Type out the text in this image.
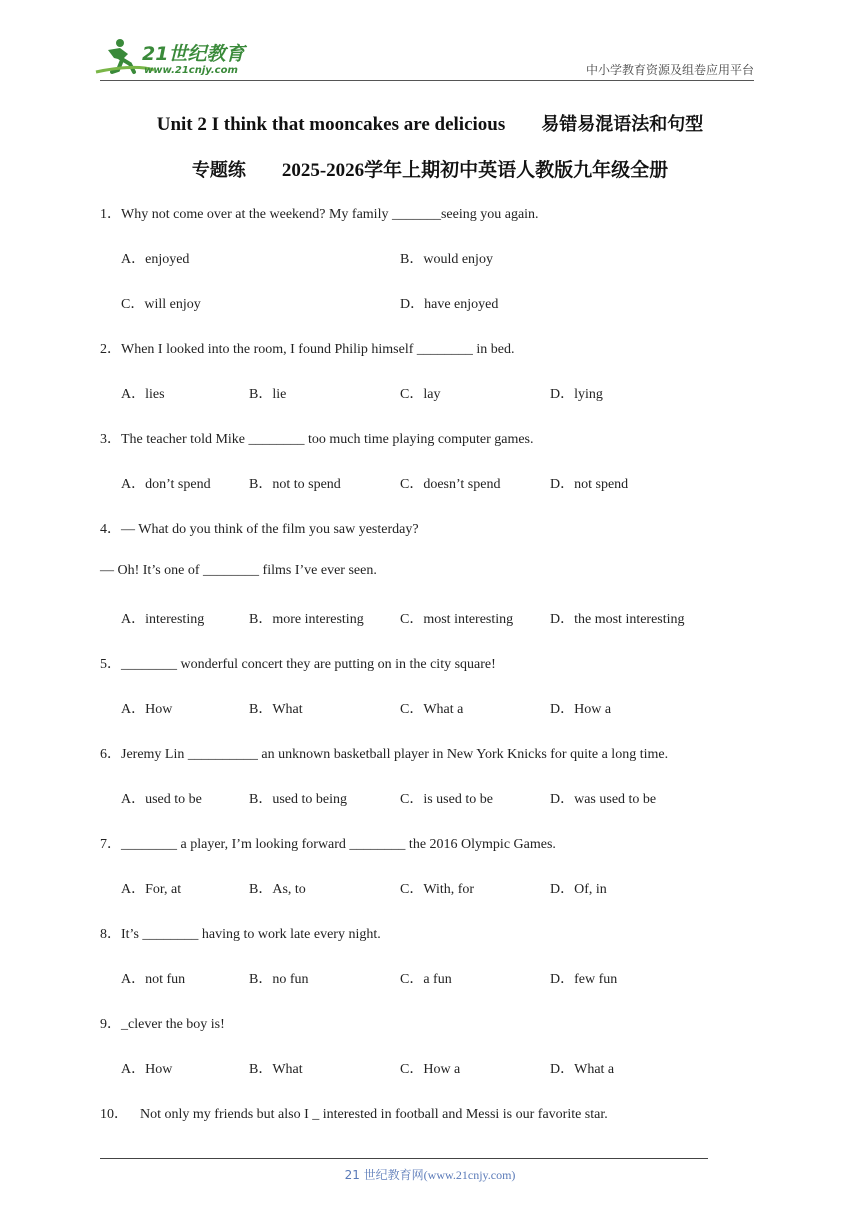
21世纪教育
www.21cnjy.com	中小学教育资源及组卷应用平台
Unit 2 I think that mooncakes are delicious 易错易混语法和句型
专题练 2025-2026学年上期初中英语人教版九年级全册
1．Why not come over at the weekend? My family _______seeing you again.
A．enjoyed	B．would enjoy
C．will enjoy	D．have enjoyed
2．When I looked into the room, I found Philip himself ________ in bed.
A．lies	B．lie	C．lay	D．lying
3．The teacher told Mike ________ too much time playing computer games.
A．don’t spend	B．not to spend	C．doesn’t spend	D．not spend
4．— What do you think of the film you saw yesterday?
— Oh! It’s one of ________ films I’ve ever seen.
A．interesting	B．more interesting	C．most interesting	D．the most interesting
5．________ wonderful concert they are putting on in the city square!
A．How	B．What	C．What a	D．How a
6．Jeremy Lin __________ an unknown basketball player in New York Knicks for quite a long time.
A．used to be	B．used to being	C．is used to be	D．was used to be
7．________ a player, I’m looking forward ________ the 2016 Olympic Games.
A．For, at	B．As, to	C．With, for	D．Of, in
8．It’s ________ having to work late every night.
A．not fun	B．no fun	C．a fun	D．few fun
9．_clever the boy is!
A．How	B．What	C．How a	D．What a
10． Not only my friends but also I _ interested in football and Messi is our favorite star.
21 世纪教育网(www.21cnjy.com)
